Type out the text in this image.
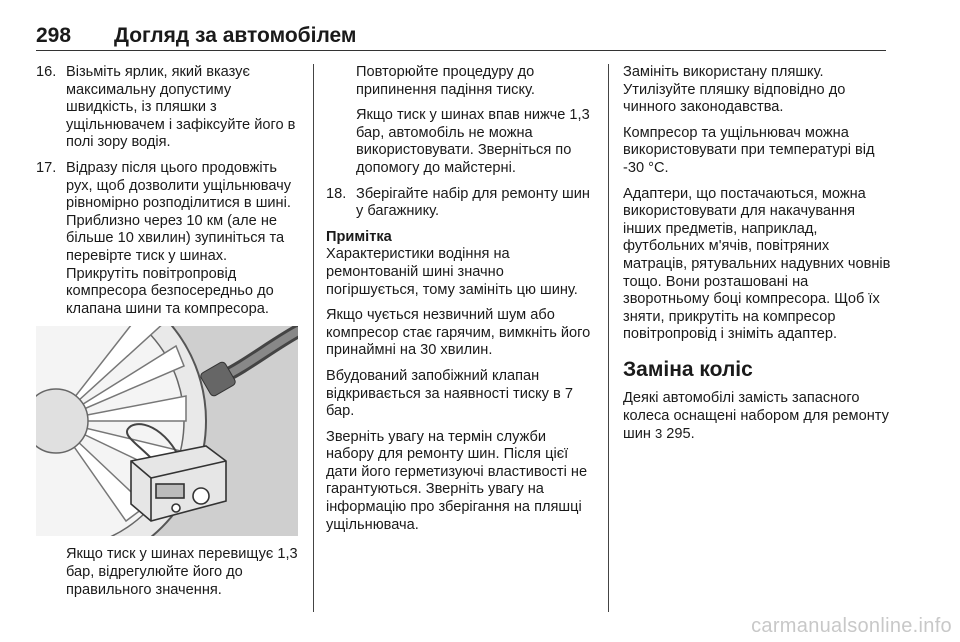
298 Догляд за автомобілем
16. Візьміть ярлик, який вказує максимальну допустиму швидкість, із пляшки з ущільнювачем і зафіксуйте його в полі зору водія.
17. Відразу після цього продовжіть рух, щоб дозволити ущільнювачу рівномірно розподілитися в шині. Приблизно через 10 км (але не більше 10 хвилин) зупиніться та перевірте тиск у шинах. Прикрутіть повітропровід компресора безпосередньо до клапана шини та компресора.

Якщо тиск у шинах перевищує 1,3 бар, відрегулюйте його до правильного значення.

Повторюйте процедуру до припинення падіння тиску.

Якщо тиск у шинах впав нижче 1,3 бар, автомобіль не можна використовувати. Зверніться по допомогу до майстерні.

18. Зберігайте набір для ремонту шин у багажнику.

Примітка

Характеристики водіння на ремонтованій шині значно погіршується, тому замініть цю шину.

Якщо чується незвичний шум або компресор стає гарячим, вимкніть його принаймні на 30 хвилин.

Вбудований запобіжний клапан відкривається за наявності тиску в 7 бар.

Зверніть увагу на термін служби набору для ремонту шин. Після цієї дати його герметизуючі властивості не гарантуються. Зверніть увагу на інформацію про зберігання на пляшці ущільнювача.

Замініть використану пляшку. Утилізуйте пляшку відповідно до чинного законодавства.

Компресор та ущільнювач можна використовувати при температурі від -30 °C.

Адаптери, що постачаються, можна використовувати для накачування інших предметів, наприклад, футбольних м'ячів, повітряних матраців, рятувальних надувних човнів тощо. Вони розташовані на зворотньому боці компресора. Щоб їх зняти, прикрутіть на компресор повітропровід і зніміть адаптер.

Заміна коліс

Деякі автомобілі замість запасного колеса оснащені набором для ремонту шин 3 295.

carmanualsonline.info
